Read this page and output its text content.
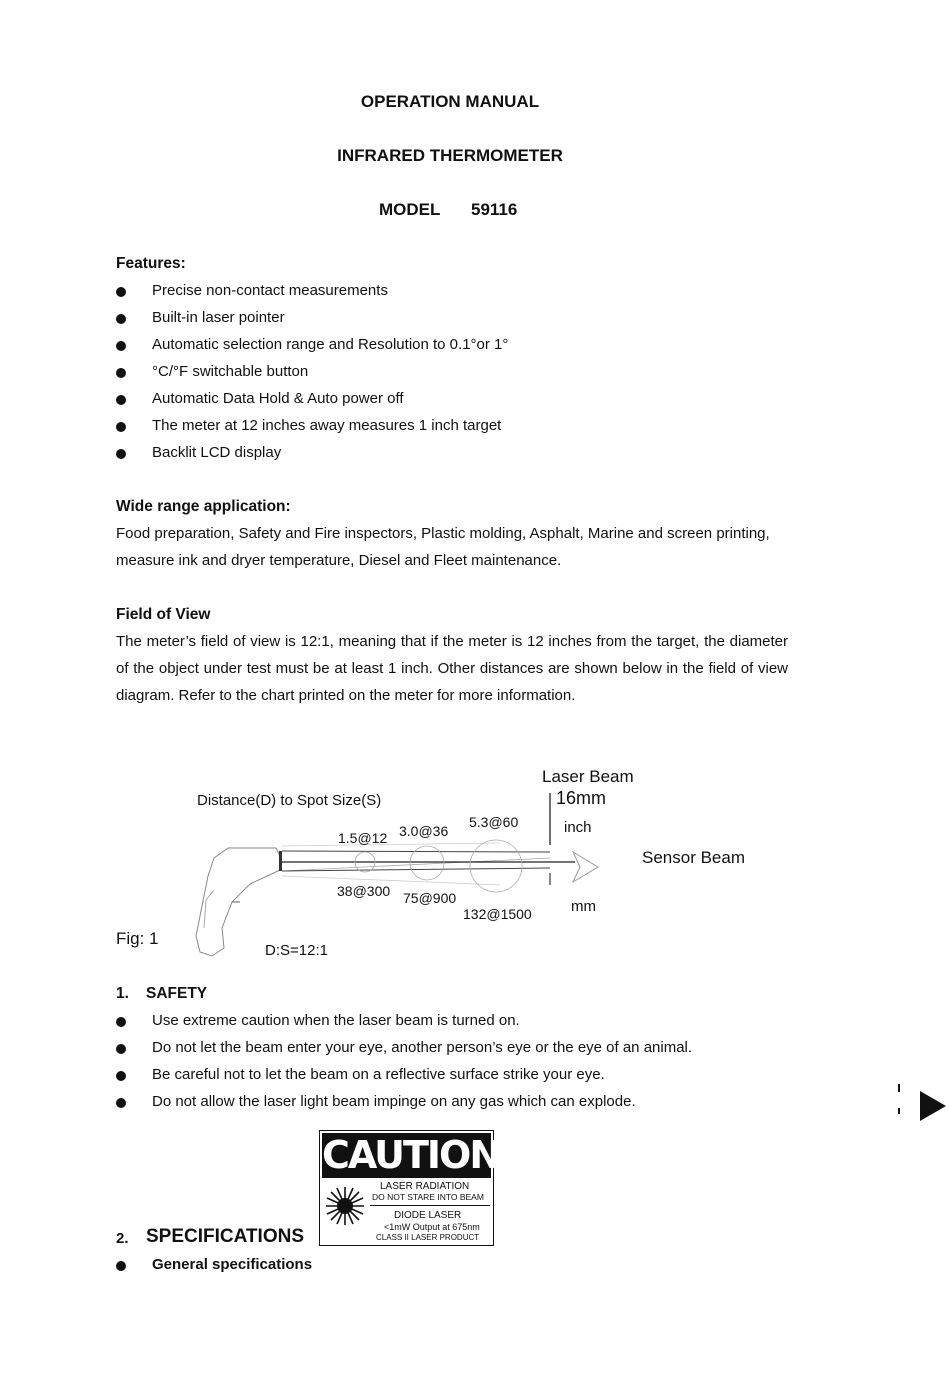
OPERATION MANUAL
INFRARED THERMOMETER
MODEL 59116
Features:
Precise non-contact measurements
Built-in laser pointer
Automatic selection range and Resolution to 0.1°or 1°
°C/°F switchable button
Automatic Data Hold & Auto power off
The meter at 12 inches away measures 1 inch target
Backlit LCD display
Wide range application:
Food preparation, Safety and Fire inspectors, Plastic molding, Asphalt, Marine and screen printing, measure ink and dryer temperature, Diesel and Fleet maintenance.
Field of View
The meter’s field of view is 12:1, meaning that if the meter is 12 inches from the target, the diameter of the object under test must be at least 1 inch. Other distances are shown below in the field of view diagram. Refer to the chart printed on the meter for more information.
Laser Beam
16mm
Distance(D) to Spot Size(S)
1.5@12 3.0@36
5.3@60	inch
Sensor Beam
38@300 75@900
132@1500	mm
Fig: 1
D:S=12:1
1. SAFETY
Use extreme caution when the laser beam is turned on.
Do not let the beam enter your eye, another person’s eye or the eye of an animal.
Be careful not to let the beam on a reflective surface strike your eye.
Do not allow the laser light beam impinge on any gas which can explode.
CAUTION
LASER RADIATION
DO NOT STARE INTO BEAM
DIODE LASER
<1mW Output at 675nm
CLASS II LASER PRODUCT
2. SPECIFICATIONS
General specifications
